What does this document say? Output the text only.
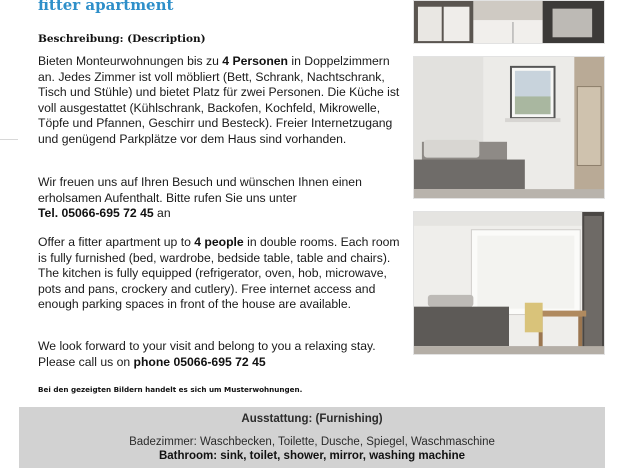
fitter apartment
Beschreibung: (Description)

Bieten Monteurwohnungen bis zu 4 Personen in Doppelzimmern an. Jedes Zimmer ist voll möbliert (Bett, Schrank, Nachtschrank, Tisch und Stühle) und bietet Platz für zwei Personen. Die Küche ist voll ausgestattet (Kühlschrank, Backofen, Kochfeld, Mikrowelle, Töpfe und Pfannen, Geschirr und Besteck). Freier Internetzugang und genügend Parkplätze vor dem Haus sind vorhanden.

Wir freuen uns auf Ihren Besuch und wünschen Ihnen einen erholsamen Aufenthalt. Bitte rufen Sie uns unter
Tel. 05066-695 72 45 an

Offer a fitter apartment up to 4 people in double rooms. Each room is fully furnished (bed, wardrobe, bedside table, table and chairs). The kitchen is fully equipped (refrigerator, oven, hob, microwave, pots and pans, crockery and cutlery). Free internet access and enough parking spaces in front of the house are available.

We look forward to your visit and belong to you a relaxing stay. Please call us on phone 05066-695 72 45

Bei den gezeigten Bildern handelt es sich um Musterwohnungen.
Ausstattung: (Furnishing)
Badezimmer: Waschbecken, Toilette, Dusche, Spiegel, Waschmaschine
Bathroom: sink, toilet, shower, mirror, washing machine
